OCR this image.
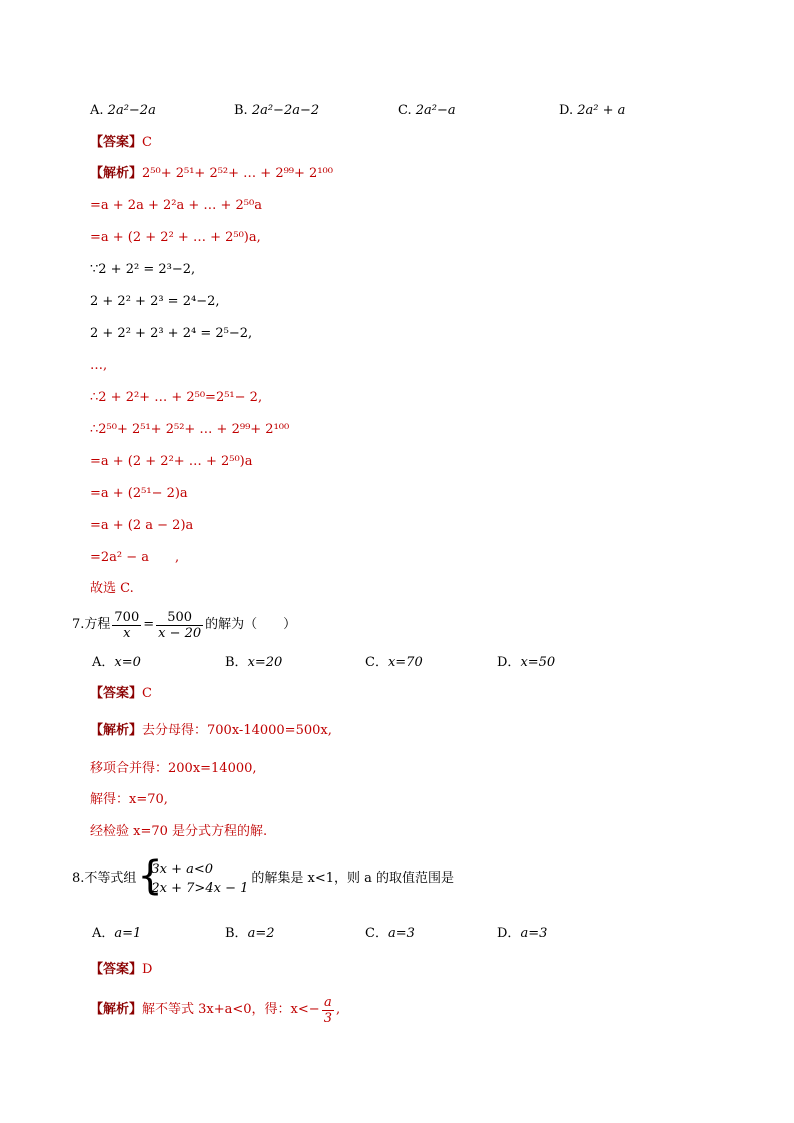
A. 2a²−2a	B. 2a²−2a−2	C. 2a²−a	D. 2a² + a
【答案】C
【解析】2⁵⁰+ 2⁵¹+ 2⁵²+ … + 2⁹⁹+ 2¹⁰⁰
=a + 2a + 2²a + … + 2⁵⁰a
=a + (2 + 2² + … + 2⁵⁰)a,
∵2 + 2² = 2³−2,
2 + 2² + 2³ = 2⁴−2,
2 + 2² + 2³ + 2⁴ = 2⁵−2,
…,
∴2 + 2²+ … + 2⁵⁰=2⁵¹− 2,
∴2⁵⁰+ 2⁵¹+ 2⁵²+ … + 2⁹⁹+ 2¹⁰⁰
=a + (2 + 2²+ … + 2⁵⁰)a
=a + (2⁵¹− 2)a
=a + (2 a − 2)a
=2a² − a　　,
故选 C.
7.方程 $\frac{700}{x} = \frac{500}{x - 20}$ 的解为（　　）
A．x=0	B．x=20	C．x=70	D．x=50
【答案】C
【解析】去分母得：700x-14000=500x,
移项合并得：200x=14000,
解得：x=70,
经检验 x=70 是分式方程的解.
8.不等式组 {
3x + a<0
2x + 7>4x − 1
的解集是 x<1，则 a 的取值范围是
A．a=1	B．a=2	C．a=3	D．a=3
【答案】D
【解析】 解不等式 3x+a<0，得：$x<- \frac{a}{3}$ ,
